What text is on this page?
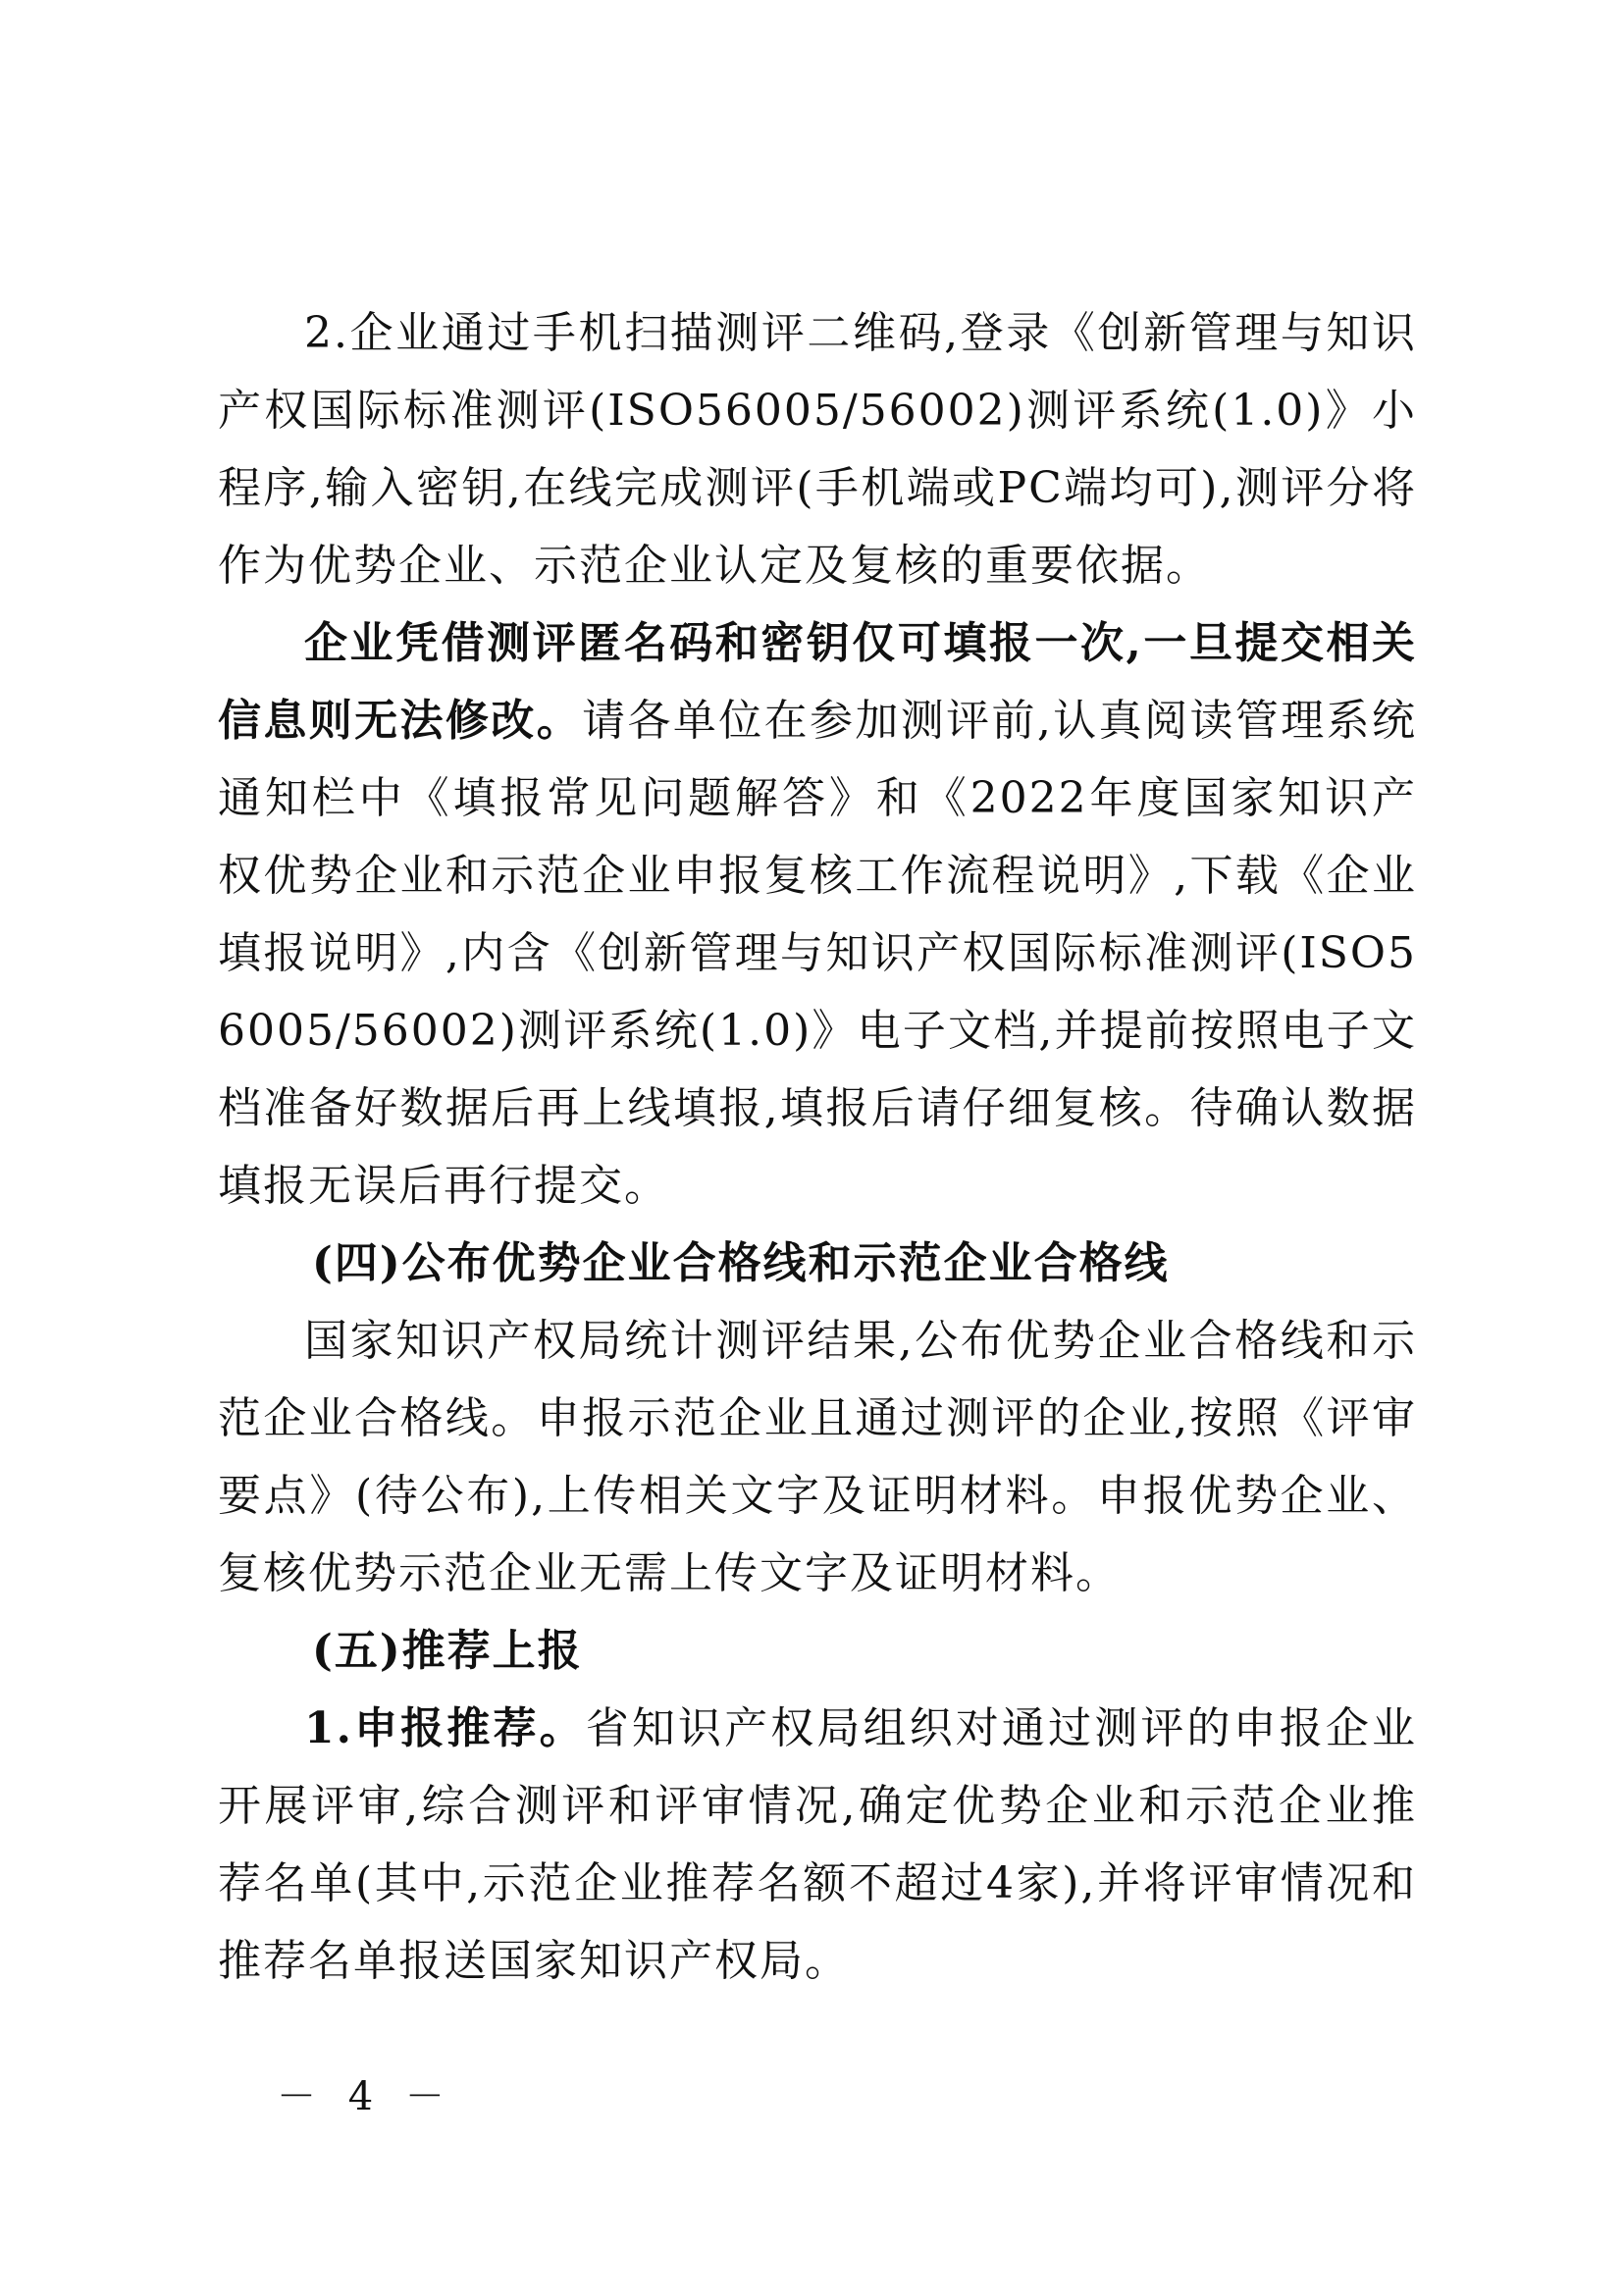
2.企业通过手机扫描测评二维码,登录《创新管理与知识产权国际标准测评(ISO56005/56002)测评系统(1.0)》小程序,输入密钥,在线完成测评(手机端或PC端均可),测评分将作为优势企业、示范企业认定及复核的重要依据。

企业凭借测评匿名码和密钥仅可填报一次,一旦提交相关信息则无法修改。请各单位在参加测评前,认真阅读管理系统通知栏中《填报常见问题解答》和《2022年度国家知识产权优势企业和示范企业申报复核工作流程说明》,下载《企业填报说明》,内含《创新管理与知识产权国际标准测评(ISO56005/56002)测评系统(1.0)》电子文档,并提前按照电子文档准备好数据后再上线填报,填报后请仔细复核。待确认数据填报无误后再行提交。

(四)公布优势企业合格线和示范企业合格线

国家知识产权局统计测评结果,公布优势企业合格线和示范企业合格线。申报示范企业且通过测评的企业,按照《评审要点》(待公布),上传相关文字及证明材料。申报优势企业、复核优势示范企业无需上传文字及证明材料。

(五)推荐上报

1.申报推荐。省知识产权局组织对通过测评的申报企业开展评审,综合测评和评审情况,确定优势企业和示范企业推荐名单(其中,示范企业推荐名额不超过4家),并将评审情况和推荐名单报送国家知识产权局。

－ 4 －
